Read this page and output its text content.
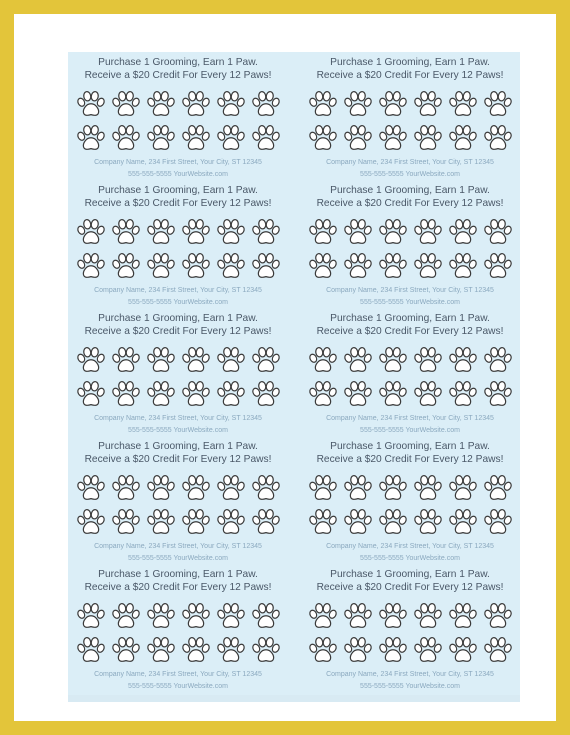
Purchase 1 Grooming, Earn 1 Paw.
Receive a $20 Credit For Every 12 Paws!
Company Name, 234 First Street, Your City, ST 12345
555-555-5555 YourWebsite.com
Purchase 1 Grooming, Earn 1 Paw.
Receive a $20 Credit For Every 12 Paws!
Company Name, 234 First Street, Your City, ST 12345
555-555-5555 YourWebsite.com
Purchase 1 Grooming, Earn 1 Paw.
Receive a $20 Credit For Every 12 Paws!
Company Name, 234 First Street, Your City, ST 12345
555-555-5555 YourWebsite.com
Purchase 1 Grooming, Earn 1 Paw.
Receive a $20 Credit For Every 12 Paws!
Company Name, 234 First Street, Your City, ST 12345
555-555-5555 YourWebsite.com
Purchase 1 Grooming, Earn 1 Paw.
Receive a $20 Credit For Every 12 Paws!
Company Name, 234 First Street, Your City, ST 12345
555-555-5555 YourWebsite.com
Purchase 1 Grooming, Earn 1 Paw.
Receive a $20 Credit For Every 12 Paws!
Company Name, 234 First Street, Your City, ST 12345
555-555-5555 YourWebsite.com
Purchase 1 Grooming, Earn 1 Paw.
Receive a $20 Credit For Every 12 Paws!
Company Name, 234 First Street, Your City, ST 12345
555-555-5555 YourWebsite.com
Purchase 1 Grooming, Earn 1 Paw.
Receive a $20 Credit For Every 12 Paws!
Company Name, 234 First Street, Your City, ST 12345
555-555-5555 YourWebsite.com
Purchase 1 Grooming, Earn 1 Paw.
Receive a $20 Credit For Every 12 Paws!
Company Name, 234 First Street, Your City, ST 12345
555-555-5555 YourWebsite.com
Purchase 1 Grooming, Earn 1 Paw.
Receive a $20 Credit For Every 12 Paws!
Company Name, 234 First Street, Your City, ST 12345
555-555-5555 YourWebsite.com
